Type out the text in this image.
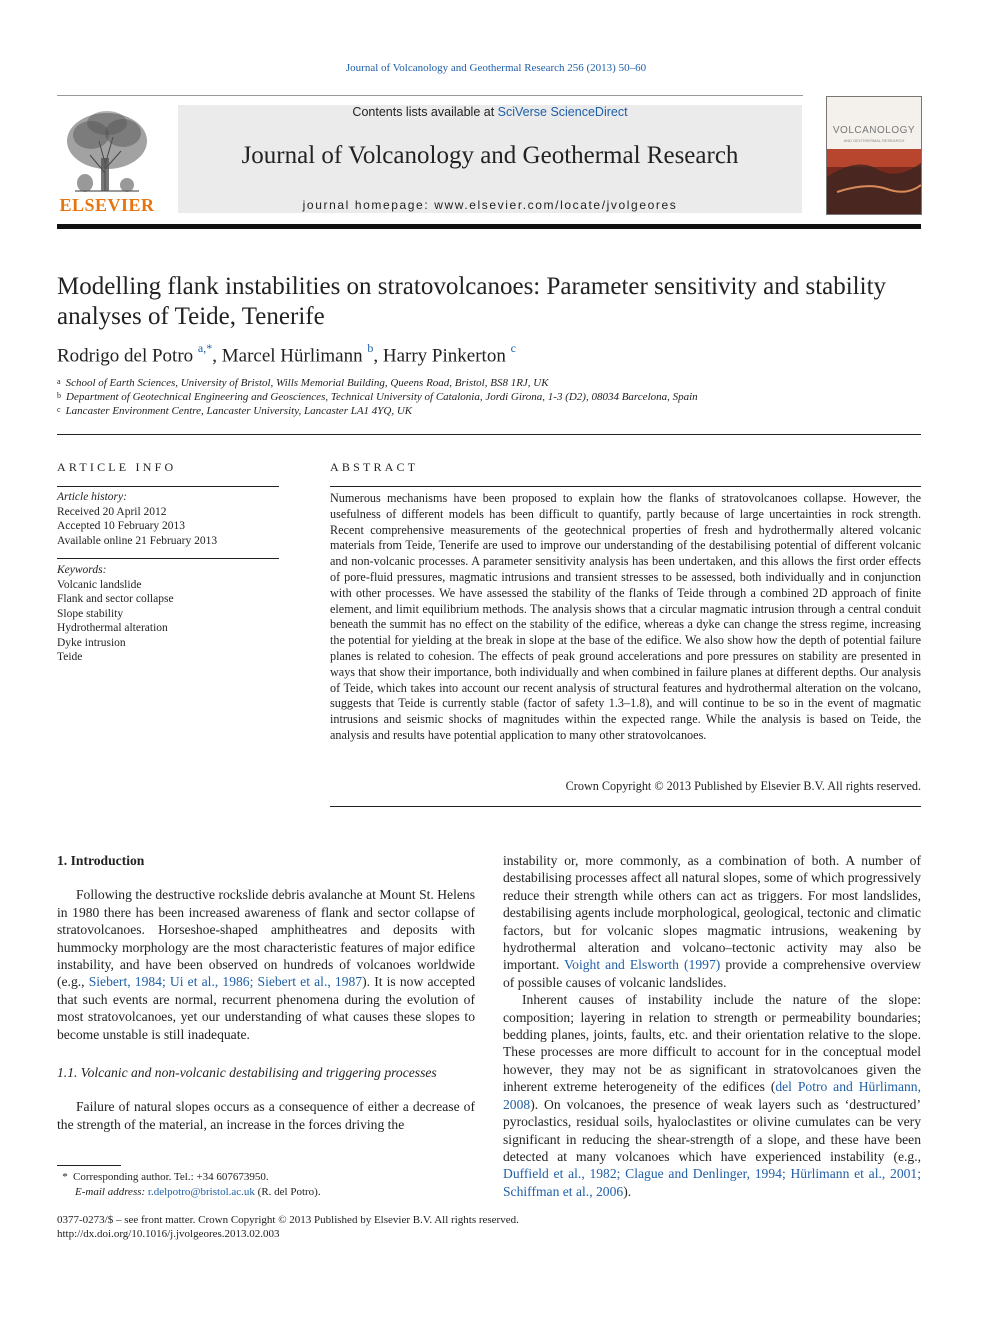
Journal of Volcanology and Geothermal Research 256 (2013) 50–60
ELSEVIER
Contents lists available at SciVerse ScienceDirect
Journal of Volcanology and Geothermal Research
journal homepage: www.elsevier.com/locate/jvolgeores
VOLCANOLOGY
AND GEOTHERMAL RESEARCH
Modelling flank instabilities on stratovolcanoes: Parameter sensitivity and stability analyses of Teide, Tenerife
Rodrigo del Potro $^{a,*}$, Marcel Hürlimann $^b$, Harry Pinkerton $^c$
$^a$ School of Earth Sciences, University of Bristol, Wills Memorial Building, Queens Road, Bristol, BS8 1RJ, UK
$^b$ Department of Geotechnical Engineering and Geosciences, Technical University of Catalonia, Jordi Girona, 1-3 (D2), 08034 Barcelona, Spain
$^c$ Lancaster Environment Centre, Lancaster University, Lancaster LA1 4YQ, UK
ARTICLE INFO
Article history:
Received 20 April 2012
Accepted 10 February 2013
Available online 21 February 2013
Keywords:
Volcanic landslide
Flank and sector collapse
Slope stability
Hydrothermal alteration
Dyke intrusion
Teide
ABSTRACT
Numerous mechanisms have been proposed to explain how the flanks of stratovolcanoes collapse. However, the usefulness of different models has been difficult to quantify, partly because of large uncertainties in rock strength. Recent comprehensive measurements of the geotechnical properties of fresh and hydrothermally altered volcanic materials from Teide, Tenerife are used to improve our understanding of the destabilising potential of different volcanic and non-volcanic processes. A parameter sensitivity analysis has been undertaken, and this allows the first order effects of pore-fluid pressures, magmatic intrusions and transient stresses to be assessed, both individually and in conjunction with other processes. We have assessed the stability of the flanks of Teide through a combined 2D approach of finite element, and limit equilibrium methods. The analysis shows that a circular magmatic intrusion through a central conduit beneath the summit has no effect on the stability of the edifice, whereas a dyke can change the stress regime, increasing the potential for yielding at the break in slope at the base of the edifice. We also show how the depth of potential failure planes is related to cohesion. The effects of peak ground accelerations and pore pressures on stability are presented in ways that show their importance, both individually and when combined in failure planes at different depths. Our analysis of Teide, which takes into account our recent analysis of structural features and hydrothermal alteration on the volcano, suggests that Teide is currently stable (factor of safety 1.3–1.8), and will continue to be so in the event of magmatic intrusions and seismic shocks of magnitudes within the expected range. While the analysis is based on Teide, the analysis and results have potential application to many other stratovolcanoes.
Crown Copyright © 2013 Published by Elsevier B.V. All rights reserved.
1. Introduction

Following the destructive rockslide debris avalanche at Mount St. Helens in 1980 there has been increased awareness of flank and sector collapse of stratovolcanoes. Horseshoe-shaped amphitheatres and deposits with hummocky morphology are the most characteristic features of major edifice instability, and have been observed on hundreds of volcanoes worldwide (e.g., Siebert, 1984; Ui et al., 1986; Siebert et al., 1987). It is now accepted that such events are normal, recurrent phenomena during the evolution of most stratovolcanoes, yet our understanding of what causes these slopes to become unstable is still inadequate.

1.1. Volcanic and non-volcanic destabilising and triggering processes

Failure of natural slopes occurs as a consequence of either a decrease of the strength of the material, an increase in the forces driving the

instability or, more commonly, as a combination of both. A number of destabilising processes affect all natural slopes, some of which progressively reduce their strength while others can act as triggers. For most landslides, destabilising agents include morphological, geological, tectonic and climatic factors, but for volcanic slopes magmatic intrusions, weakening by hydrothermal alteration and volcano–tectonic activity may also be important. Voight and Elsworth (1997) provide a comprehensive overview of possible causes of volcanic landslides.

Inherent causes of instability include the nature of the slope: composition; layering in relation to strength or permeability boundaries; bedding planes, joints, faults, etc. and their orientation relative to the slope. These processes are more difficult to account for in the conceptual model however, they may not be as significant in stratovolcanoes given the inherent extreme heterogeneity of the edifices (del Potro and Hürlimann, 2008). On volcanoes, the presence of weak layers such as ‘destructured’ pyroclastics, residual soils, hyaloclastites or olivine cumulates can be very significant in reducing the shear-strength of a slope, and these have been detected at many volcanoes which have experienced instability (e.g., Duffield et al., 1982; Clague and Denlinger, 1994; Hürlimann et al., 2001; Schiffman et al., 2006).

* Corresponding author. Tel.: +34 607673950.
E-mail address: r.delpotro@bristol.ac.uk (R. del Potro).
0377-0273/$ – see front matter. Crown Copyright © 2013 Published by Elsevier B.V. All rights reserved.
http://dx.doi.org/10.1016/j.jvolgeores.2013.02.003
